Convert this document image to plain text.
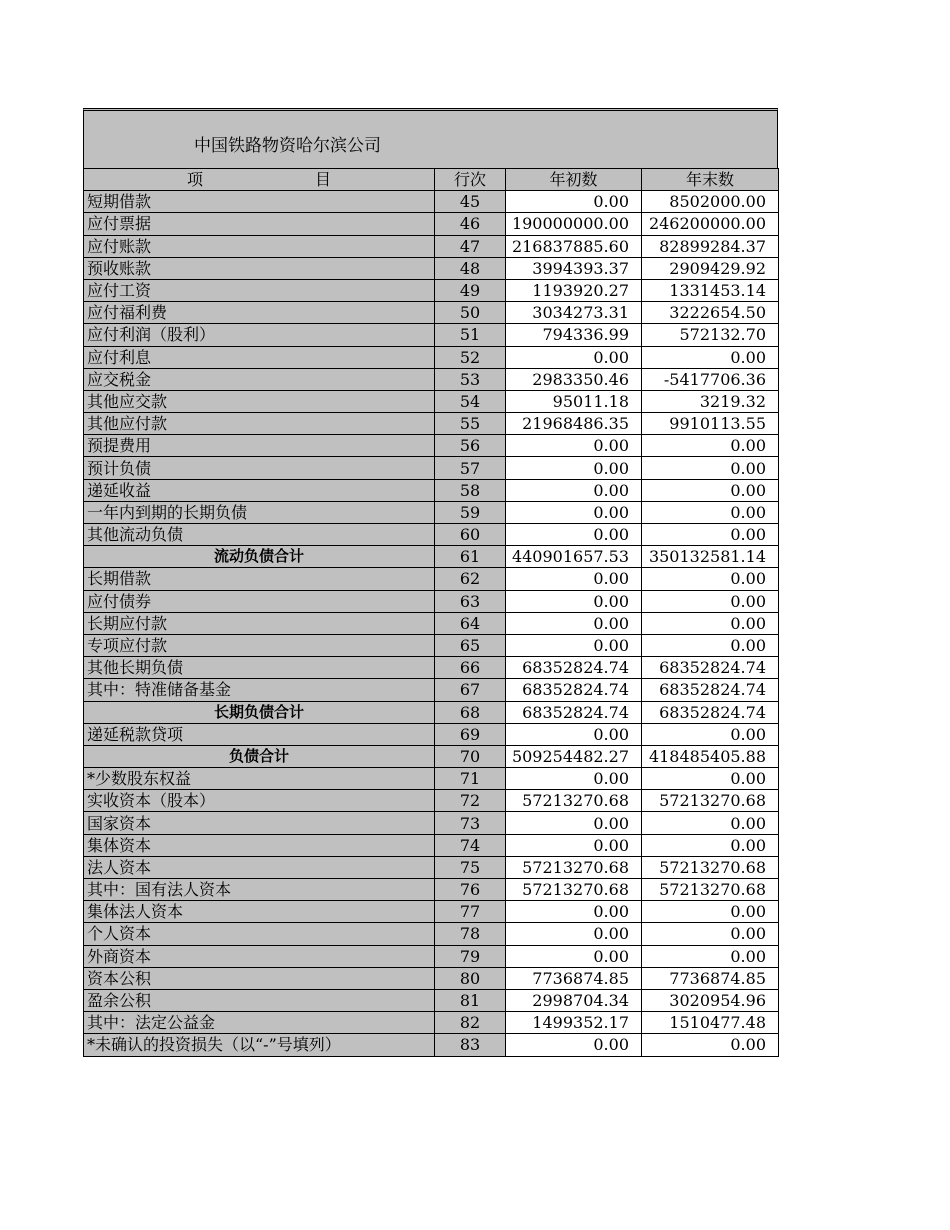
中国铁路物资哈尔滨公司
项 目	行次	年初数	年末数
短期借款	45	0.00	8502000.00
应付票据	46	190000000.00	246200000.00
应付账款	47	216837885.60	82899284.37
预收账款	48	3994393.37	2909429.92
应付工资	49	1193920.27	1331453.14
应付福利费	50	3034273.31	3222654.50
应付利润（股利）	51	794336.99	572132.70
应付利息	52	0.00	0.00
应交税金	53	2983350.46	-5417706.36
其他应交款	54	95011.18	3219.32
其他应付款	55	21968486.35	9910113.55
预提费用	56	0.00	0.00
预计负债	57	0.00	0.00
递延收益	58	0.00	0.00
一年内到期的长期负债	59	0.00	0.00
其他流动负债	60	0.00	0.00
流动负债合计	61	440901657.53	350132581.14
长期借款	62	0.00	0.00
应付债券	63	0.00	0.00
长期应付款	64	0.00	0.00
专项应付款	65	0.00	0.00
其他长期负债	66	68352824.74	68352824.74
其中：特准储备基金	67	68352824.74	68352824.74
长期负债合计	68	68352824.74	68352824.74
递延税款贷项	69	0.00	0.00
负债合计	70	509254482.27	418485405.88
*少数股东权益	71	0.00	0.00
实收资本（股本）	72	57213270.68	57213270.68
国家资本	73	0.00	0.00
集体资本	74	0.00	0.00
法人资本	75	57213270.68	57213270.68
其中：国有法人资本	76	57213270.68	57213270.68
集体法人资本	77	0.00	0.00
个人资本	78	0.00	0.00
外商资本	79	0.00	0.00
资本公积	80	7736874.85	7736874.85
盈余公积	81	2998704.34	3020954.96
其中：法定公益金	82	1499352.17	1510477.48
*未确认的投资损失（以“-”号填列）	83	0.00	0.00
